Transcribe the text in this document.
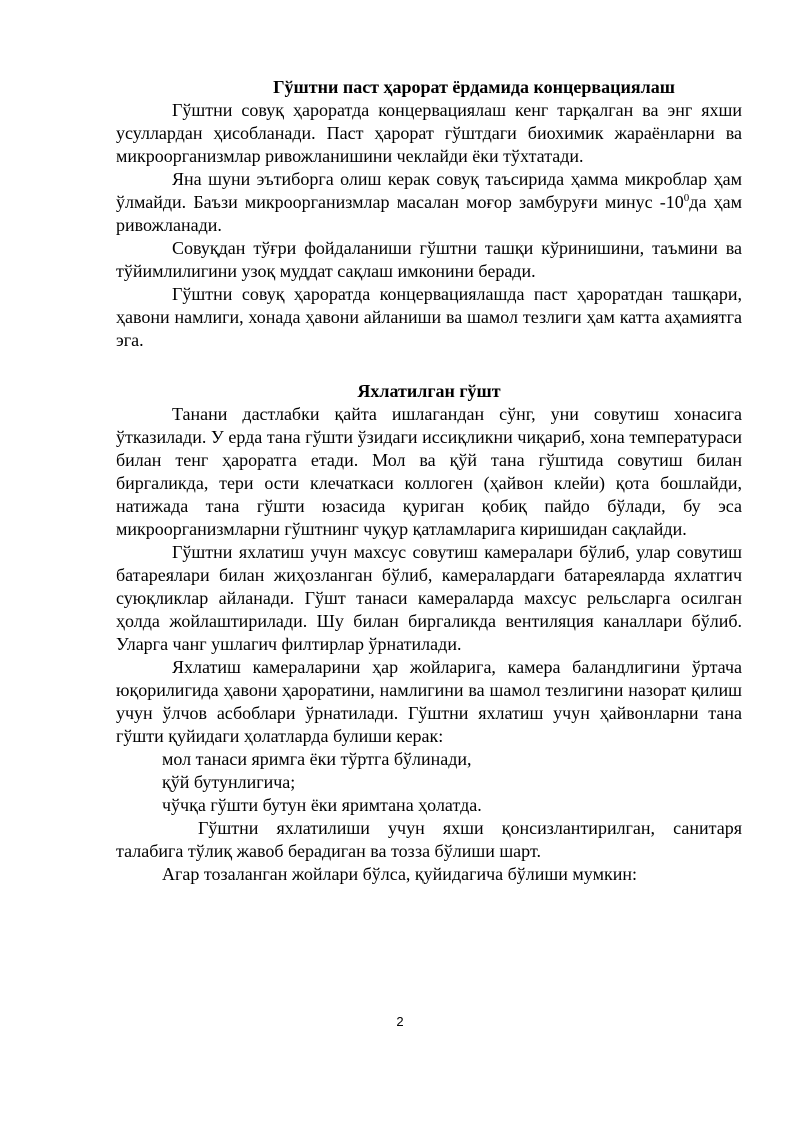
Гўштни паст ҳарорат ёрдамида концервациялаш

Гўштни совуқ ҳароратда концервациялаш кенг тарқалган ва энг яхши усуллардан ҳисобланади. Паст ҳарорат гўштдаги биохимик жараёнларни ва микроорганизмлар ривожланишини чеклайди ёки тўхтатади.

Яна шуни эътиборга олиш керак совуқ таъсирида ҳамма микроблар ҳам ўлмайди. Баъзи микроорганизмлар масалан моғор замбуруғи минус $-10^0да$ ҳам ривожланади.

Совуқдан тўғри фойдаланиши гўштни ташқи кўринишини, таъмини ва тўйимлилигини узоқ муддат сақлаш имконини беради.

Гўштни совуқ ҳароратда концервациялашда паст ҳароратдан ташқари, ҳавони намлиги, хонада ҳавони айланиши ва шамол тезлиги ҳам катта аҳамиятга эга.

Яхлатилган гўшт

Танани дастлабки қайта ишлагандан сўнг, уни совутиш хонасига ўтказилади. У ерда тана гўшти ўзидаги иссиқликни чиқариб, хона температураси билан тенг ҳароратга етади. Мол ва қўй тана гўштида совутиш билан биргаликда, тери ости клечаткаси коллоген (ҳайвон клейи) қота бошлайди, натижада тана гўшти юзасида қуриган қобиқ пайдо бўлади, бу эса микроорганизмларни гўштнинг чуқур қатламларига киришидан сақлайди.

Гўштни яхлатиш учун махсус совутиш камералари бўлиб, улар совутиш батареялари билан жиҳозланган бўлиб, камералардаги батареяларда яхлатгич суюқликлар айланади. Гўшт танаси камераларда махсус рельсларга осилган ҳолда жойлаштирилади. Шу билан биргаликда вентиляция каналлари бўлиб. Уларга чанг ушлагич филтирлар ўрнатилади.

Яхлатиш камераларини ҳар жойларига, камера баландлигини ўртача юқорилигида ҳавони ҳароратини, намлигини ва шамол тезлигини назорат қилиш учун ўлчов асбоблари ўрнатилади. Гўштни яхлатиш учун ҳайвонларни тана гўшти қуйидаги ҳолатларда булиши керак:

мол танаси яримга ёки тўртга бўлинади,

қўй бутунлигича;

чўчқа гўшти бутун ёки яримтана ҳолатда.

Гўштни яхлатилиши учун яхши қонсизлантирилган, санитаря талабига тўлиқ жавоб берадиган ва тозза бўлиши шарт.

Агар тозаланган жойлари бўлса, қуйидагича бўлиши мумкин:

2
